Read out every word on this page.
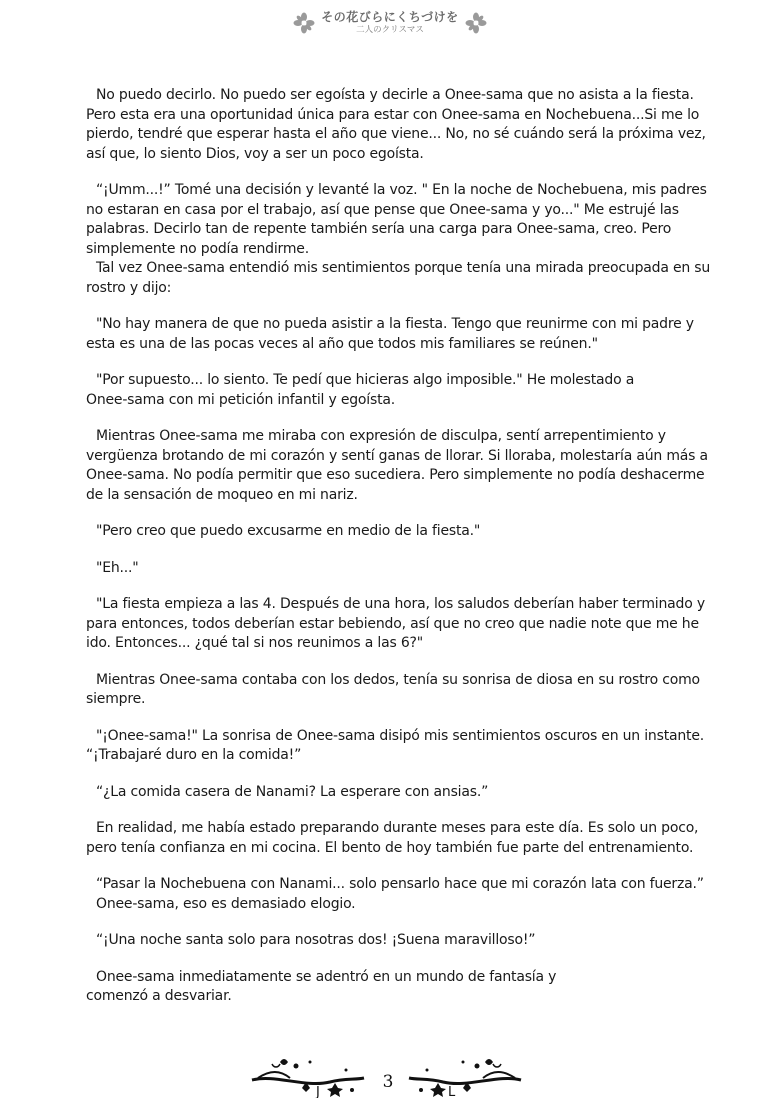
その花びらにくちづけを
二人のクリスマス

No puedo decirlo. No puedo ser egoísta y decirle a Onee-sama que no asista a la fiesta.
Pero esta era una oportunidad única para estar con Onee-sama en Nochebuena...Si me lo
pierdo, tendré que esperar hasta el año que viene... No, no sé cuándo será la próxima vez,
así que, lo siento Dios, voy a ser un poco egoísta.

“¡Umm...!” Tomé una decisión y levanté la voz. " En la noche de Nochebuena, mis padres
no estaran en casa por el trabajo, así que pense que Onee-sama y yo..." Me estrujé las
palabras. Decirlo tan de repente también sería una carga para Onee-sama, creo. Pero
simplemente no podía rendirme.
Tal vez Onee-sama entendió mis sentimientos porque tenía una mirada preocupada en su
rostro y dijo:

"No hay manera de que no pueda asistir a la fiesta. Tengo que reunirme con mi padre y
esta es una de las pocas veces al año que todos mis familiares se reúnen."

"Por supuesto... lo siento. Te pedí que hicieras algo imposible." He molestado a
Onee-sama con mi petición infantil y egoísta.

Mientras Onee-sama me miraba con expresión de disculpa, sentí arrepentimiento y
vergüenza brotando de mi corazón y sentí ganas de llorar. Si lloraba, molestaría aún más a
Onee-sama. No podía permitir que eso sucediera. Pero simplemente no podía deshacerme
de la sensación de moqueo en mi nariz.

"Pero creo que puedo excusarme en medio de la fiesta."

"Eh..."

"La fiesta empieza a las 4. Después de una hora, los saludos deberían haber terminado y
para entonces, todos deberían estar bebiendo, así que no creo que nadie note que me he
ido. Entonces... ¿qué tal si nos reunimos a las 6?"

Mientras Onee-sama contaba con los dedos, tenía su sonrisa de diosa en su rostro como
siempre.

"¡Onee-sama!" La sonrisa de Onee-sama disipó mis sentimientos oscuros en un instante.
“¡Trabajaré duro en la comida!”

“¿La comida casera de Nanami? La esperare con ansias.”

En realidad, me había estado preparando durante meses para este día. Es solo un poco,
pero tenía confianza en mi cocina. El bento de hoy también fue parte del entrenamiento.

“Pasar la Nochebuena con Nanami... solo pensarlo hace que mi corazón lata con fuerza.”
Onee-sama, eso es demasiado elogio.

“¡Una noche santa solo para nosotras dos! ¡Suena maravilloso!”

Onee-sama inmediatamente se adentró en un mundo de fantasía y
comenzó a desvariar.

J
3
L
